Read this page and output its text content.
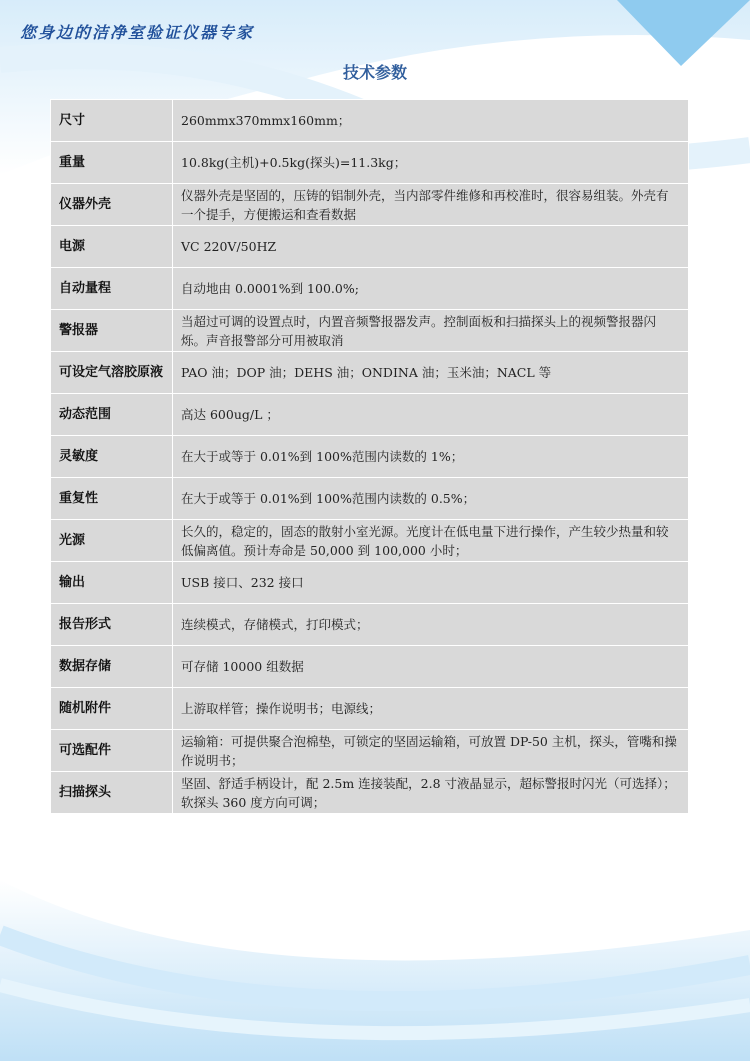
您身边的洁净室验证仪器专家
技术参数
尺寸	260mmx370mmx160mm；
重量	10.8kg(主机)+0.5kg(探头)=11.3kg；
仪器外壳	仪器外壳是坚固的，压铸的铝制外壳，当内部零件维修和再校准时，很容易组装。外壳有一个提手，方便搬运和查看数据
电源	VC 220V/50HZ
自动量程	自动地由 0.0001%到 100.0%;
警报器	当超过可调的设置点时，内置音频警报器发声。控制面板和扫描探头上的视频警报器闪烁。声音报警部分可用被取消
可设定气溶胶原液	PAO 油；DOP 油；DEHS 油；ONDINA 油；玉米油；NACL 等
动态范围	高达 600ug/L ；
灵敏度	在大于或等于 0.01%到 100%范围内读数的 1%；
重复性	在大于或等于 0.01%到 100%范围内读数的 0.5%；
光源	长久的，稳定的，固态的散射小室光源。光度计在低电量下进行操作，产生较少热量和较低偏离值。预计寿命是 50,000 到 100,000 小时；
输出	USB 接口、232 接口
报告形式	连续模式，存储模式，打印模式；
数据存储	可存储 10000 组数据
随机附件	上游取样管；操作说明书；电源线；
可选配件	运输箱：可提供聚合泡棉垫，可锁定的坚固运输箱，可放置 DP-50 主机，探头，管嘴和操作说明书；
扫描探头	坚固、舒适手柄设计，配 2.5m 连接装配，2.8 寸液晶显示，超标警报时闪光（可选择）；软探头 360 度方向可调；
